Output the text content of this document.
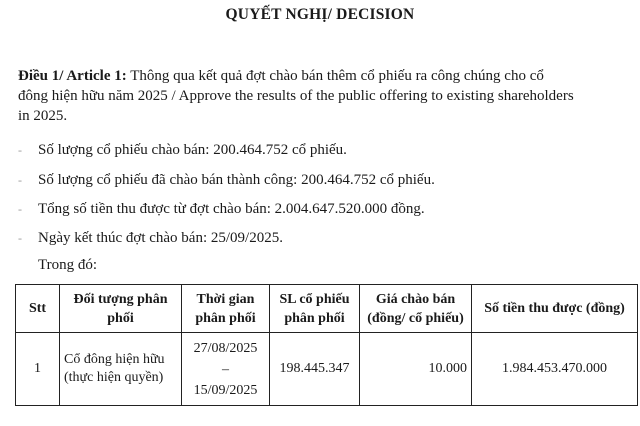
QUYẾT NGHỊ/ DECISION
Điều 1/ Article 1: Thông qua kết quả đợt chào bán thêm cổ phiếu ra công chúng cho cổ
đông hiện hữu năm 2025 / Approve the results of the public offering to existing shareholders
in 2025.
- Số lượng cổ phiếu chào bán: 200.464.752 cổ phiếu.
- Số lượng cổ phiếu đã chào bán thành công: 200.464.752 cổ phiếu.
- Tổng số tiền thu được từ đợt chào bán: 2.004.647.520.000 đồng.
- Ngày kết thúc đợt chào bán: 25/09/2025.
Trong đó:
Stt	Đối tượng phân phối	Thời gian phân phối	SL cổ phiếu phân phối	Giá chào bán (đồng/ cổ phiếu)	Số tiền thu được (đồng)
1	Cổ đông hiện hữu (thực hiện quyền)	27/08/2025
–
15/09/2025	198.445.347	10.000	1.984.453.470.000
